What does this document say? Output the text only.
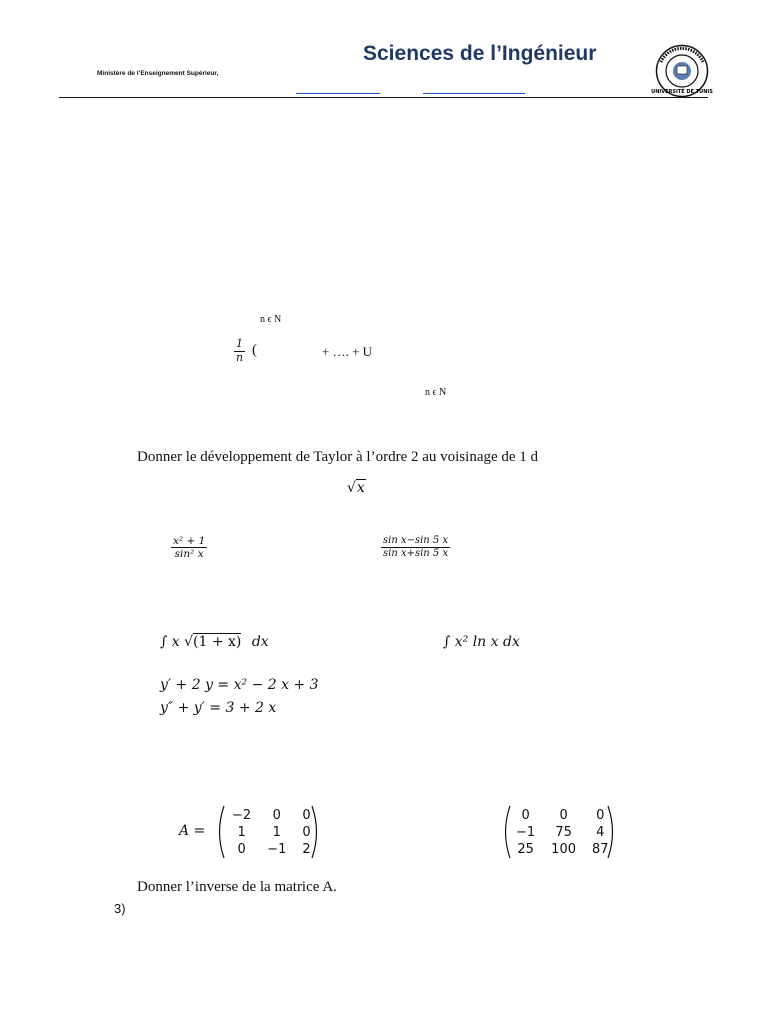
Sciences de l’Ingénieur
Ministère de l’Enseignement Supérieur,
UNIVERSITÉ DE TUNIS
n ϵ N
$\frac{1}{n}$ (	+ …. + U
n ϵ N
Donner le développement de Taylor à l’ordre 2 au voisinage de 1 d
√x
$\frac{\text{x² + 1}}{\text{sin² x}}$	$\frac{\text{sin x−sin 5 x}}{\text{sin x+sin 5 x}}$
∫ x √(1 + x) dx	∫ x² ln x dx
y′ + 2 y = x² − 2 x + 3
y″ + y′ = 3 + 2 x
A =
−2	0	0
1	1	0
0	−1	2
0	0	0
−1	75	4
25	100	87
Donner l’inverse de la matrice A.
3)
